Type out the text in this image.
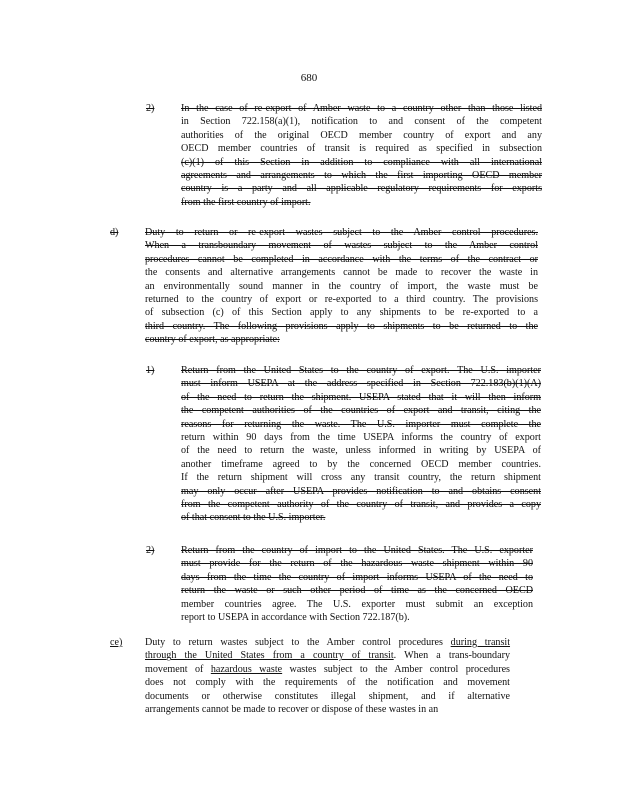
680
2)	In the case of re-export of Amber waste to a country other than those listed
in Section 722.158(a)(1), notification to and consent of the competent
authorities of the original OECD member country of export and any
OECD member countries of transit is required as specified in subsection
(c)(1) of this Section in addition to compliance with all international
agreements and arrangements to which the first importing OECD member
country is a party and all applicable regulatory requirements for exports
from the first country of import.
d)	Duty to return or re-export wastes subject to the Amber control procedures.
When a transboundary movement of wastes subject to the Amber control
procedures cannot be completed in accordance with the terms of the contract or
the consents and alternative arrangements cannot be made to recover the waste in
an environmentally sound manner in the country of import, the waste must be
returned to the country of export or re-exported to a third country. The provisions
of subsection (c) of this Section apply to any shipments to be re-exported to a
third country. The following provisions apply to shipments to be returned to the
country of export, as appropriate:
1)	Return from the United States to the country of export. The U.S. importer
must inform USEPA at the address specified in Section 722.183(b)(1)(A)
of the need to return the shipment. USEPA stated that it will then inform
the competent authorities of the countries of export and transit, citing the
reasons for returning the waste. The U.S. importer must complete the
return within 90 days from the time USEPA informs the country of export
of the need to return the waste, unless informed in writing by USEPA of
another timeframe agreed to by the concerned OECD member countries.
If the return shipment will cross any transit country, the return shipment
may only occur after USEPA provides notification to and obtains consent
from the competent authority of the country of transit, and provides a copy
of that consent to the U.S. importer.
2)	Return from the country of import to the United States. The U.S. exporter
must provide for the return of the hazardous waste shipment within 90
days from the time the country of import informs USEPA of the need to
return the waste or such other period of time as the concerned OECD
member countries agree. The U.S. exporter must submit an exception
report to USEPA in accordance with Section 722.187(b).
ce) Duty to return wastes subject to the Amber control procedures during transit
through the United States from a country of transit. When a trans-boundary
movement of hazardous waste wastes subject to the Amber control procedures
does not comply with the requirements of the notification and movement
documents or otherwise constitutes illegal shipment, and if alternative
arrangements cannot be made to recover or dispose of these wastes in an
